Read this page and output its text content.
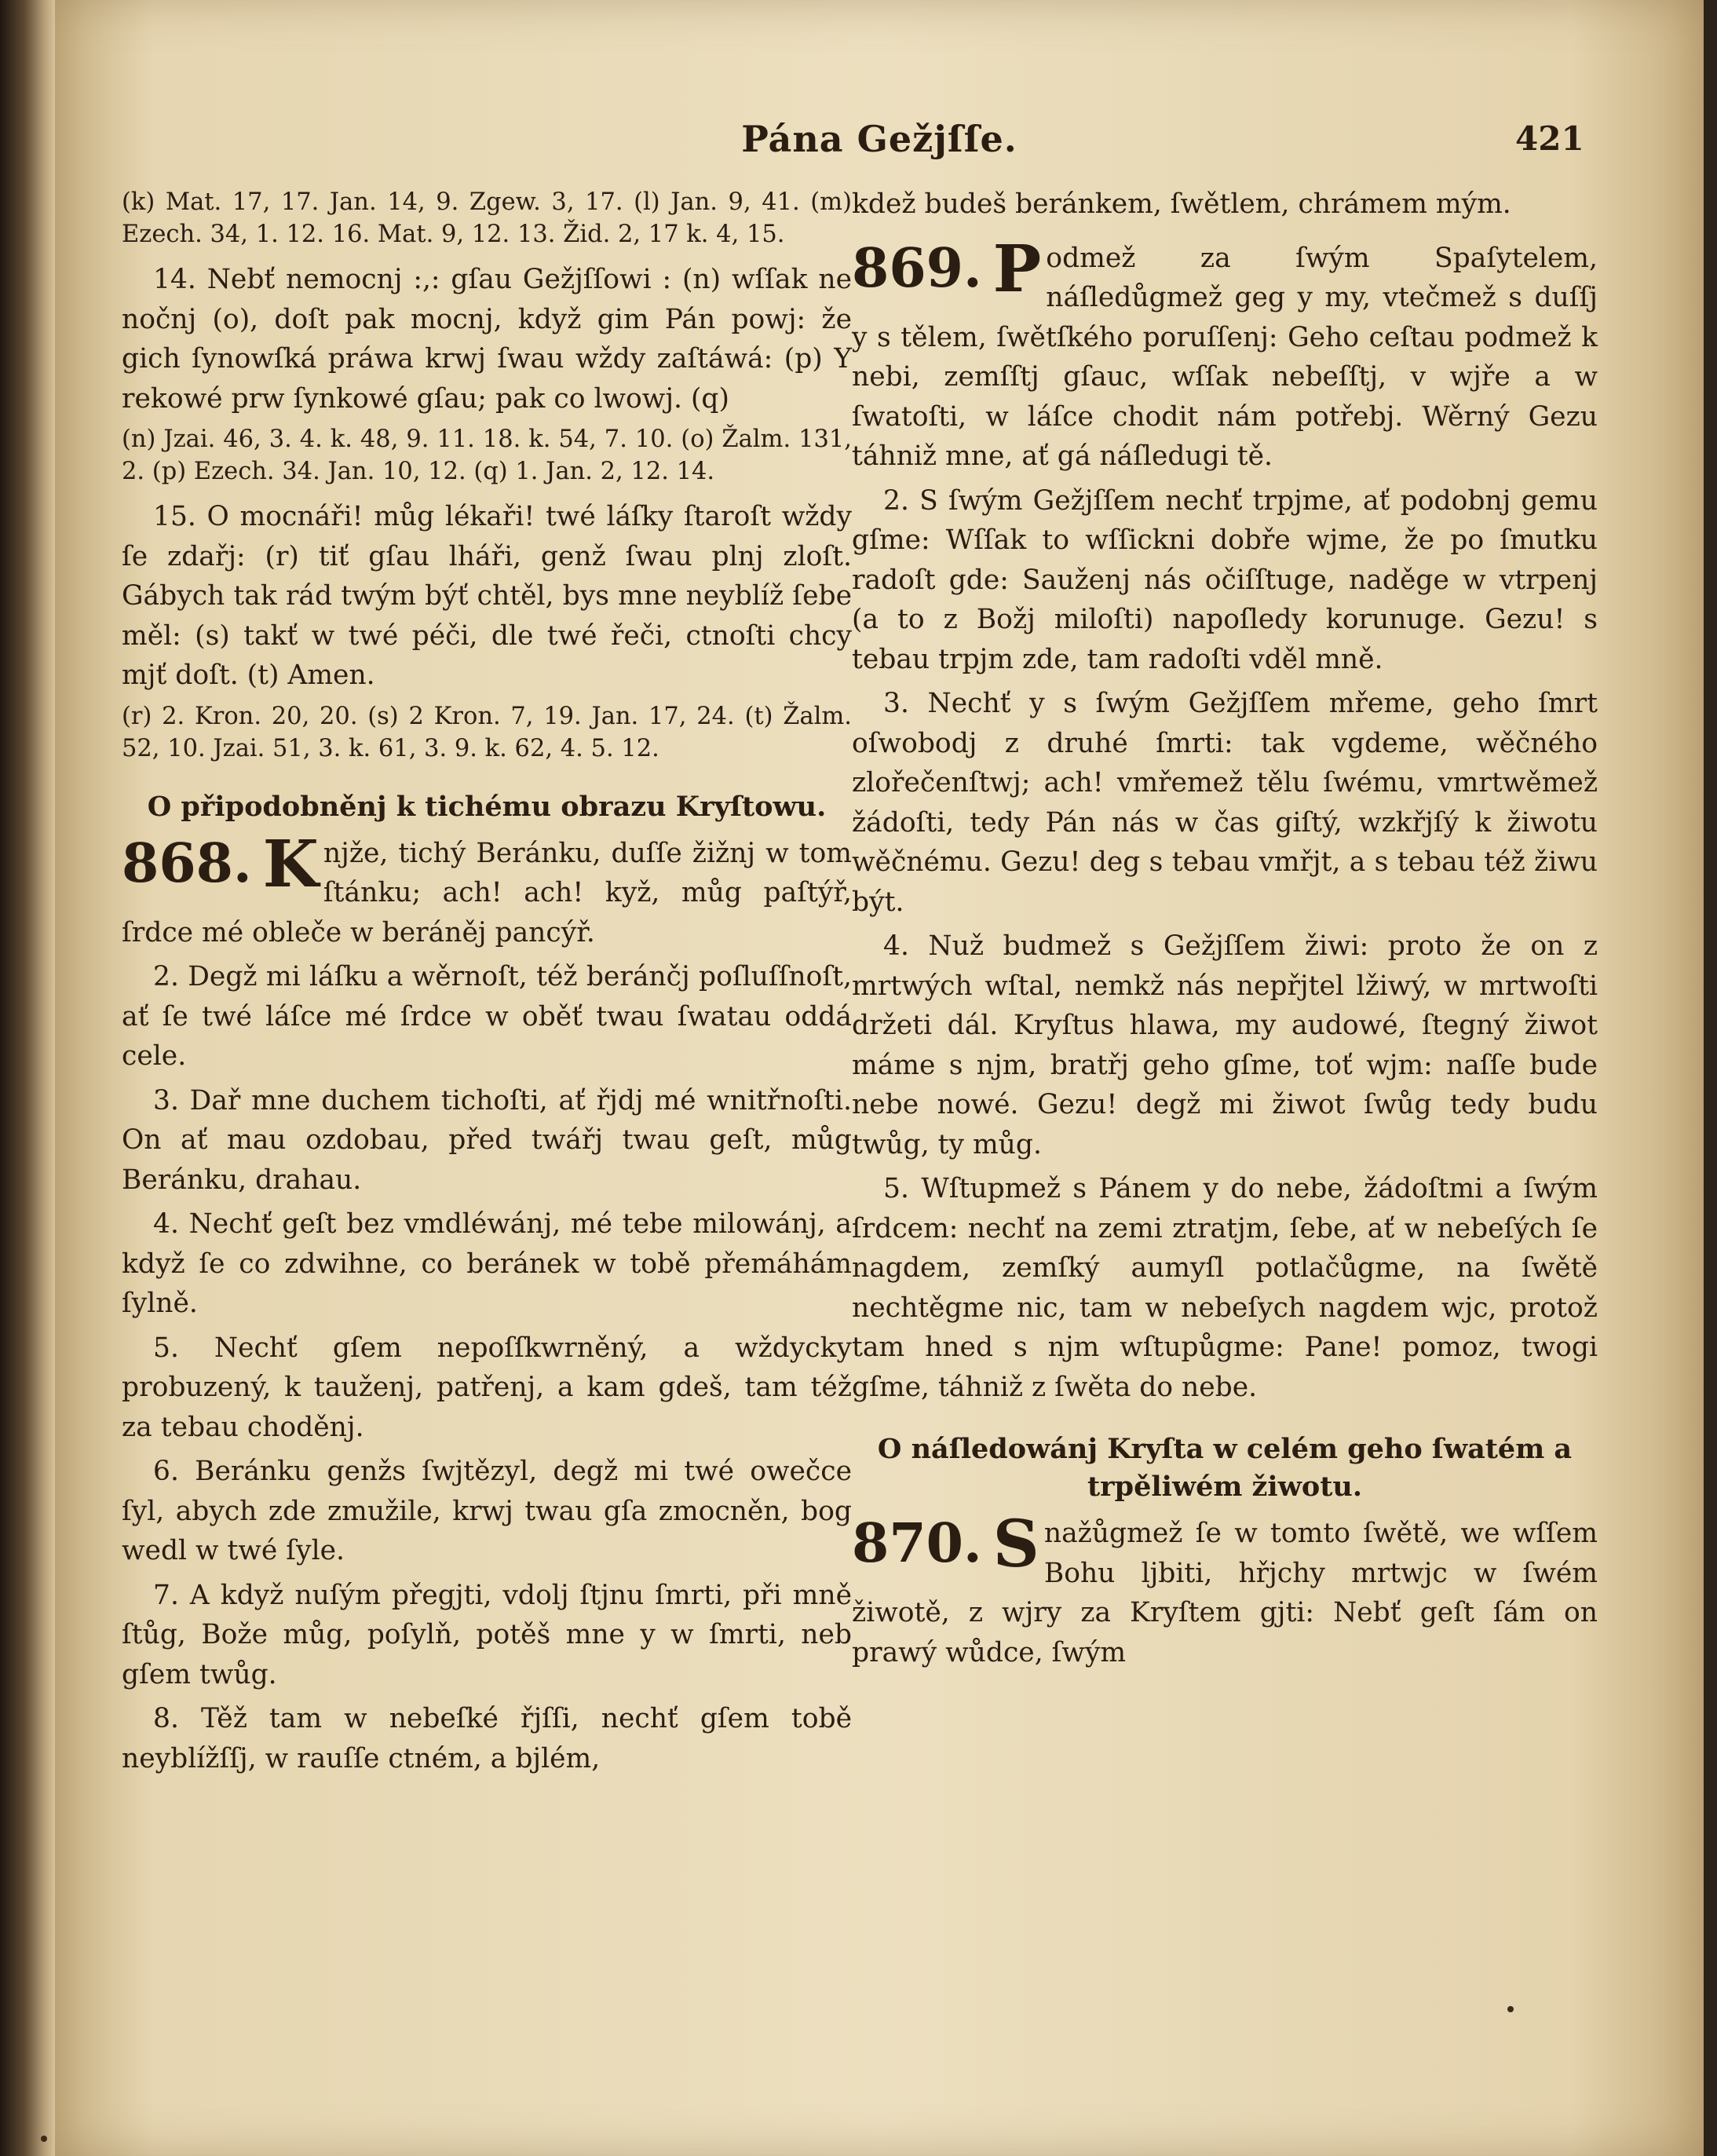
Pána Gežjſſe.	421

(k) Mat. 17, 17. Jan. 14, 9. Zgew. 3, 17. (l) Jan. 9, 41. (m) Ezech. 34, 1. 12. 16. Mat. 9, 12. 13. Žid. 2, 17 k. 4, 15.

14. Nebť nemocnj :,: gſau Gežjſſowi : (n) wſſak ne nočnj (o), doſt pak mocnj, když gim Pán powj: že gich ſynowſká práwa krwj ſwau wždy zaſtáwá: (p) Y rekowé prw ſynkowé gſau; pak co lwowj. (q)

(n) Jzai. 46, 3. 4. k. 48, 9. 11. 18. k. 54, 7. 10. (o) Žalm. 131, 2. (p) Ezech. 34. Jan. 10, 12. (q) 1. Jan. 2, 12. 14.

15. O mocnáři! můg lékaři! twé láſky ſtaroſt wždy ſe zdařj: (r) tiť gſau lháři, genž ſwau plnj zloſt. Gábych tak rád twým býť chtěl, bys mne neyblíž ſebe měl: (s) takť w twé péči, dle twé řeči, ctnoſti chcy mjť doſt. (t) Amen.

(r) 2. Kron. 20, 20. (s) 2 Kron. 7, 19. Jan. 17, 24. (t) Žalm. 52, 10. Jzai. 51, 3. k. 61, 3. 9. k. 62, 4. 5. 12.

O připodobněnj k tichému obrazu Kryſtowu.

868. K njže, tichý Beránku, duſſe žižnj w tom ſtánku; ach! ach! kyž, můg paſtýř, ſrdce mé obleče w beráněj pancýř.

2. Degž mi láſku a wěrnoſt, též beránčj poſluſſnoſt, ať ſe twé láſce mé ſrdce w oběť twau ſwatau oddá cele.

3. Dař mne duchem tichoſti, ať řjdj mé wnitřnoſti. On ať mau ozdobau, před twářj twau geſt, můg Beránku, drahau.

4. Nechť geſt bez vmdléwánj, mé tebe milowánj, a když ſe co zdwihne, co beránek w tobě přemáhám ſylně.

5. Nechť gſem nepoſſkwrněný, a wždycky probuzený, k tauženj, patřenj, a kam gdeš, tam též za tebau choděnj.

6. Beránku genžs ſwjtězyl, degž mi twé owečce ſyl, abych zde zmužile, krwj twau gſa zmocněn, bog wedl w twé ſyle.

7. A když nuſým přegjti, vdolj ſtjnu ſmrti, při mně ſtůg, Bože můg, poſylň, potěš mne y w ſmrti, neb gſem twůg.

8. Těž tam w nebeſké řjſſi, nechť gſem tobě neyblížſſj, w rauſſe ctném, a bjlém,

kdež budeš beránkem, ſwětlem, chrámem mým.

869. P odmež za ſwým Spaſytelem, náſledůgmež geg y my, vtečmež s duſſj y s tělem, ſwětſkého poruſſenj: Geho ceſtau podmež k nebi, zemſſtj gſauc, wſſak nebeſſtj, v wjře a w ſwatoſti, w láſce chodit nám potřebj. Wěrný Gezu táhniž mne, ať gá náſledugi tě.

2. S ſwým Gežjſſem nechť trpjme, ať podobnj gemu gſme: Wſſak to wſſickni dobře wjme, že po ſmutku radoſt gde: Sauženj nás očiſſtuge, naděge w vtrpenj (a to z Božj miloſti) napoſledy korunuge. Gezu! s tebau trpjm zde, tam radoſti vděl mně.

3. Nechť y s ſwým Gežjſſem mřeme, geho ſmrt oſwobodj z druhé ſmrti: tak vgdeme, wěčného zlořečenſtwj; ach! vmřemež tělu ſwému, vmrtwěmež žádoſti, tedy Pán nás w čas giſtý, wzkřjſý k žiwotu wěčnému. Gezu! deg s tebau vmřjt, a s tebau též žiwu být.

4. Nuž budmež s Gežjſſem žiwi: proto že on z mrtwých wſtal, nemkž nás nepřjtel lžiwý, w mrtwoſti držeti dál. Kryſtus hlawa, my audowé, ſtegný žiwot máme s njm, bratřj geho gſme, toť wjm: naſſe bude nebe nowé. Gezu! degž mi žiwot ſwůg tedy budu twůg, ty můg.

5. Wſtupmež s Pánem y do nebe, žádoſtmi a ſwým ſrdcem: nechť na zemi ztratjm, ſebe, ať w nebeſých ſe nagdem, zemſký aumyſl potlačůgme, na ſwětě nechtěgme nic, tam w nebeſych nagdem wjc, protož tam hned s njm wſtupůgme: Pane! pomoz, twogi gſme, táhniž z ſwěta do nebe.

O náſledowánj Kryſta w celém geho ſwatém a trpěliwém žiwotu.

870. S nažůgmež ſe w tomto ſwětě, we wſſem Bohu ljbiti, hřjchy mrtwjc w ſwém žiwotě, z wjry za Kryſtem gjti: Nebť geſt ſám on prawý wůdce, ſwým
